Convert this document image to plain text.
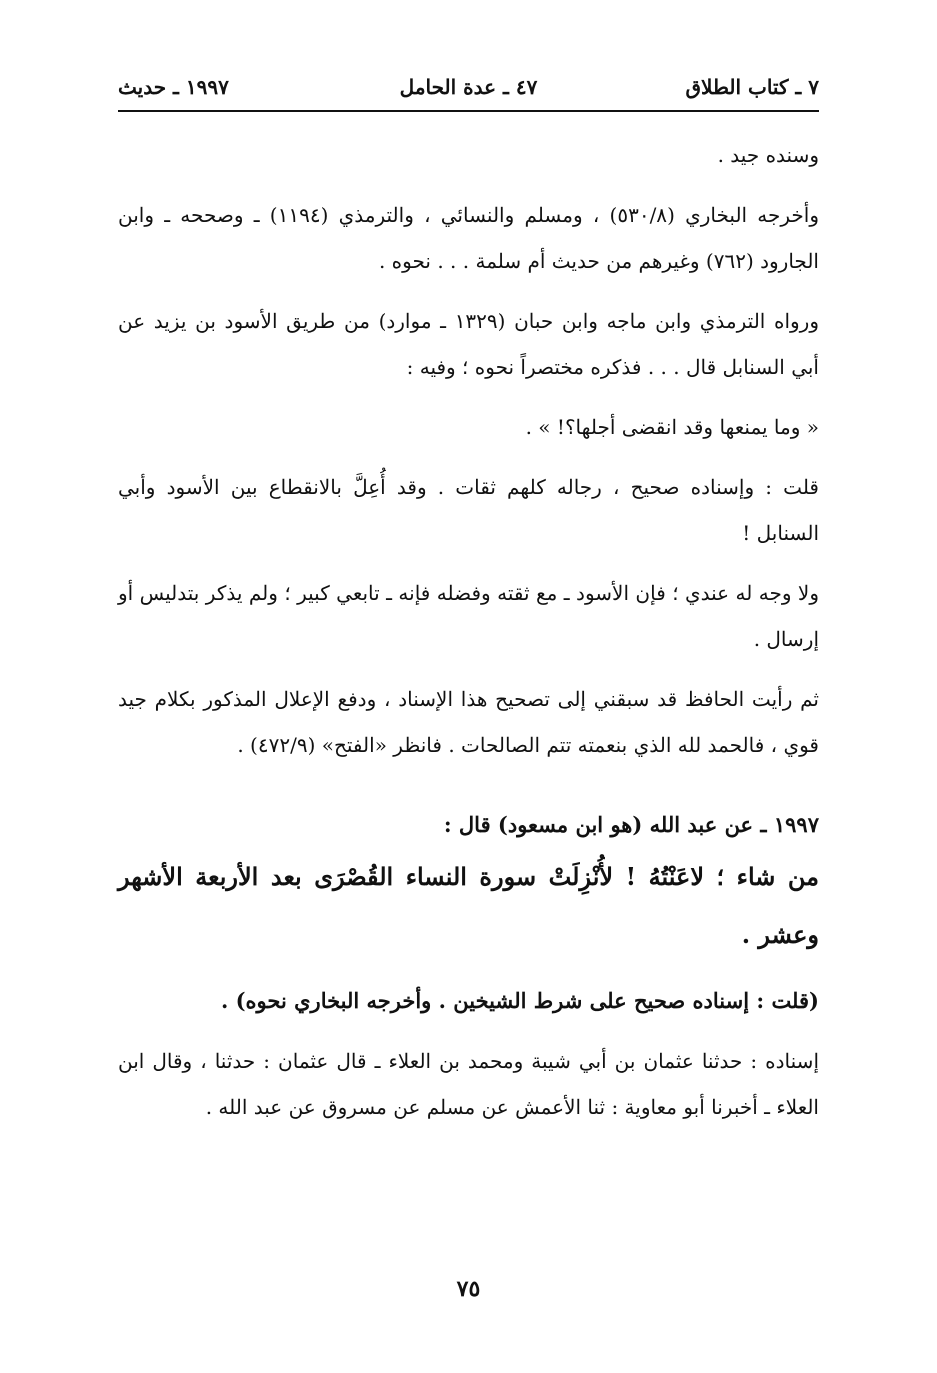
٧ ـ كتاب الطلاق
٤٧ ـ عدة الحامل
١٩٩٧ ـ حديث

وسنده جيد .

وأخرجه البخاري (٥٣٠/٨) ، ومسلم والنسائي ، والترمذي (١١٩٤) ـ وصححه ـ وابن الجارود (٧٦٢) وغيرهم من حديث أم سلمة . . . نحوه .

ورواه الترمذي وابن ماجه وابن حبان (١٣٢٩ ـ موارد) من طريق الأسود بن يزيد عن أبي السنابل قال . . . فذكره مختصراً نحوه ؛ وفيه :

« وما يمنعها وقد انقضى أجلها؟! » .

قلت : وإسناده صحيح ، رجاله كلهم ثقات . وقد أُعِلَّ بالانقطاع بين الأسود وأبي السنابل !

ولا وجه له عندي ؛ فإن الأسود ـ مع ثقته وفضله فإنه ـ تابعي كبير ؛ ولم يذكر بتدليس أو إرسال .

ثم رأيت الحافظ قد سبقني إلى تصحيح هذا الإسناد ، ودفع الإعلال المذكور بكلام جيد قوي ، فالحمد لله الذي بنعمته تتم الصالحات . فانظر «الفتح» (٤٧٢/٩) .

١٩٩٧ ـ عن عبد الله (هو ابن مسعود) قال :

من شاء ؛ لاعَنْتُهُ ! لأُنْزِلَتْ سورة النساء القُصْرَى بعد الأربعة الأشهر وعشر .

(قلت : إسناده صحيح على شرط الشيخين . وأخرجه البخاري نحوه) .

إسناده : حدثنا عثمان بن أبي شيبة ومحمد بن العلاء ـ قال عثمان : حدثنا ، وقال ابن العلاء ـ أخبرنا أبو معاوية : ثنا الأعمش عن مسلم عن مسروق عن عبد الله .

٧٥
